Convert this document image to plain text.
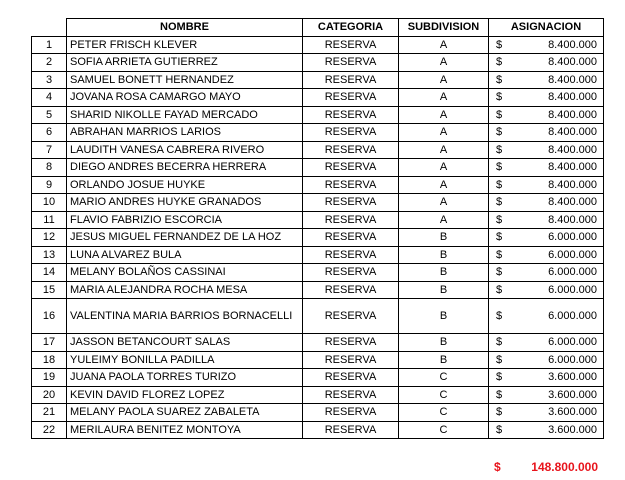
	NOMBRE	CATEGORIA	SUBDIVISION	ASIGNACION
1	PETER FRISCH KLEVER	RESERVA	A	$ 8.400.000

2	SOFIA ARRIETA GUTIERREZ	RESERVA	A	$ 8.400.000

3	SAMUEL BONETT HERNANDEZ	RESERVA	A	$ 8.400.000

4	JOVANA ROSA CAMARGO MAYO	RESERVA	A	$ 8.400.000

5	SHARID NIKOLLE FAYAD MERCADO	RESERVA	A	$ 8.400.000

6	ABRAHAN MARRIOS LARIOS	RESERVA	A	$ 8.400.000

7	LAUDITH VANESA CABRERA RIVERO	RESERVA	A	$ 8.400.000

8	DIEGO ANDRES BECERRA HERRERA	RESERVA	A	$ 8.400.000

9	ORLANDO JOSUE HUYKE	RESERVA	A	$ 8.400.000

10	MARIO ANDRES HUYKE GRANADOS	RESERVA	A	$ 8.400.000

11	FLAVIO FABRIZIO ESCORCIA	RESERVA	A	$ 8.400.000

12	JESUS MIGUEL FERNANDEZ DE LA HOZ	RESERVA	B	$ 6.000.000

13	LUNA ALVAREZ BULA	RESERVA	B	$ 6.000.000

14	MELANY BOLAÑOS CASSINAI	RESERVA	B	$ 6.000.000

15	MARIA ALEJANDRA ROCHA MESA	RESERVA	B	$ 6.000.000

16	VALENTINA MARIA BARRIOS BORNACELLI	RESERVA	B	$ 6.000.000

17	JASSON BETANCOURT SALAS	RESERVA	B	$ 6.000.000

18	YULEIMY BONILLA PADILLA	RESERVA	B	$ 6.000.000

19	JUANA PAOLA TORRES TURIZO	RESERVA	C	$ 3.600.000

20	KEVIN DAVID FLOREZ LOPEZ	RESERVA	C	$ 3.600.000

21	MELANY PAOLA SUAREZ ZABALETA	RESERVA	C	$ 3.600.000

22	MERILAURA BENITEZ MONTOYA	RESERVA	C	$ 3.600.000
$	148.800.000
